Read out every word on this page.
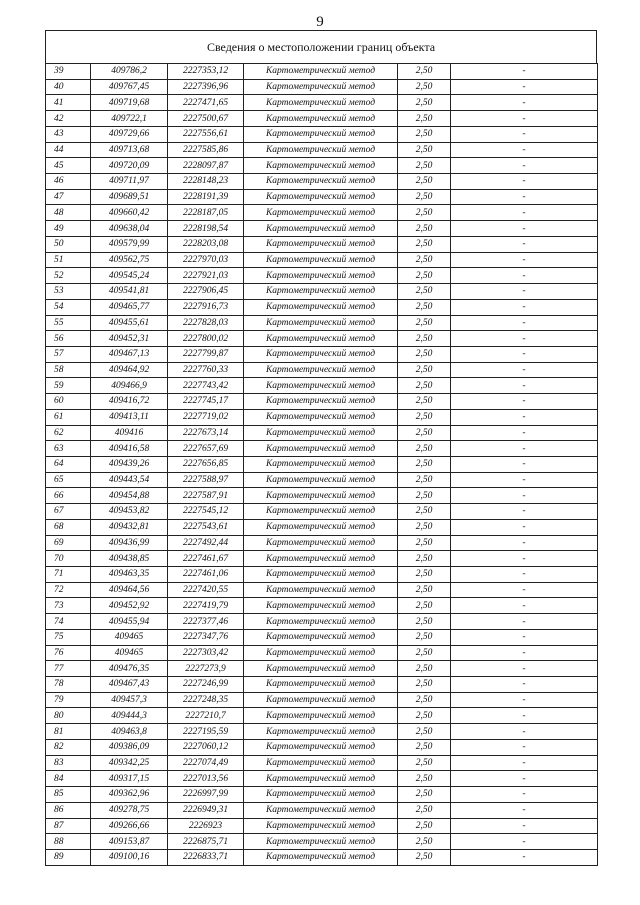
9
Сведения о местоположении границ объекта
39	409786,2	2227353,12	Картометрический метод	2,50	-
40	409767,45	2227396,96	Картометрический метод	2,50	-
41	409719,68	2227471,65	Картометрический метод	2,50	-
42	409722,1	2227500,67	Картометрический метод	2,50	-
43	409729,66	2227556,61	Картометрический метод	2,50	-
44	409713,68	2227585,86	Картометрический метод	2,50	-
45	409720,09	2228097,87	Картометрический метод	2,50	-
46	409711,97	2228148,23	Картометрический метод	2,50	-
47	409689,51	2228191,39	Картометрический метод	2,50	-
48	409660,42	2228187,05	Картометрический метод	2,50	-
49	409638,04	2228198,54	Картометрический метод	2,50	-
50	409579,99	2228203,08	Картометрический метод	2,50	-
51	409562,75	2227970,03	Картометрический метод	2,50	-
52	409545,24	2227921,03	Картометрический метод	2,50	-
53	409541,81	2227906,45	Картометрический метод	2,50	-
54	409465,77	2227916,73	Картометрический метод	2,50	-
55	409455,61	2227828,03	Картометрический метод	2,50	-
56	409452,31	2227800,02	Картометрический метод	2,50	-
57	409467,13	2227799,87	Картометрический метод	2,50	-
58	409464,92	2227760,33	Картометрический метод	2,50	-
59	409466,9	2227743,42	Картометрический метод	2,50	-
60	409416,72	2227745,17	Картометрический метод	2,50	-
61	409413,11	2227719,02	Картометрический метод	2,50	-
62	409416	2227673,14	Картометрический метод	2,50	-
63	409416,58	2227657,69	Картометрический метод	2,50	-
64	409439,26	2227656,85	Картометрический метод	2,50	-
65	409443,54	2227588,97	Картометрический метод	2,50	-
66	409454,88	2227587,91	Картометрический метод	2,50	-
67	409453,82	2227545,12	Картометрический метод	2,50	-
68	409432,81	2227543,61	Картометрический метод	2,50	-
69	409436,99	2227492,44	Картометрический метод	2,50	-
70	409438,85	2227461,67	Картометрический метод	2,50	-
71	409463,35	2227461,06	Картометрический метод	2,50	-
72	409464,56	2227420,55	Картометрический метод	2,50	-
73	409452,92	2227419,79	Картометрический метод	2,50	-
74	409455,94	2227377,46	Картометрический метод	2,50	-
75	409465	2227347,76	Картометрический метод	2,50	-
76	409465	2227303,42	Картометрический метод	2,50	-
77	409476,35	2227273,9	Картометрический метод	2,50	-
78	409467,43	2227246,99	Картометрический метод	2,50	-
79	409457,3	2227248,35	Картометрический метод	2,50	-
80	409444,3	2227210,7	Картометрический метод	2,50	-
81	409463,8	2227195,59	Картометрический метод	2,50	-
82	409386,09	2227060,12	Картометрический метод	2,50	-
83	409342,25	2227074,49	Картометрический метод	2,50	-
84	409317,15	2227013,56	Картометрический метод	2,50	-
85	409362,96	2226997,99	Картометрический метод	2,50	-
86	409278,75	2226949,31	Картометрический метод	2,50	-
87	409266,66	2226923	Картометрический метод	2,50	-
88	409153,87	2226875,71	Картометрический метод	2,50	-
89	409100,16	2226833,71	Картометрический метод	2,50	-
